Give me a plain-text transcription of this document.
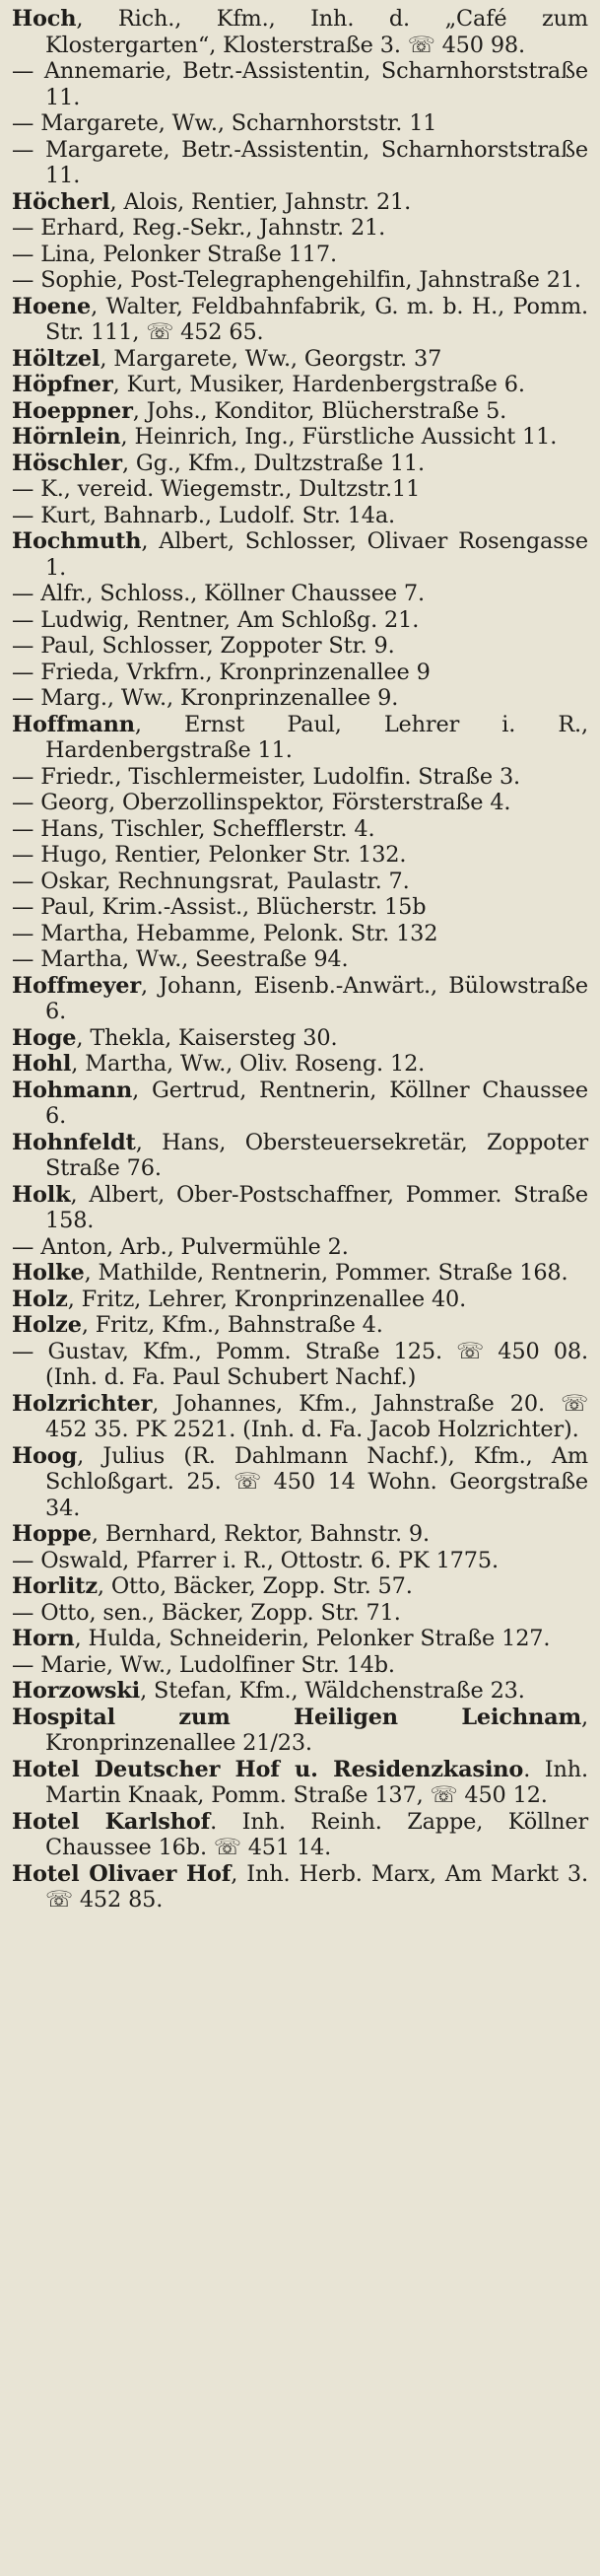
Hoch, Rich., Kfm., Inh. d. „Café zum Klostergarten“, Klosterstraße 3. ☏ 450 98.

— Annemarie, Betr.-Assistentin, Scharnhorststraße 11.

— Margarete, Ww., Scharnhorststr. 11

— Margarete, Betr.-Assistentin, Scharnhorststraße 11.

Höcherl, Alois, Rentier, Jahnstr. 21.

— Erhard, Reg.-Sekr., Jahnstr. 21.

— Lina, Pelonker Straße 117.

— Sophie, Post-Telegraphengehilfin, Jahnstraße 21.

Hoene, Walter, Feldbahnfabrik, G. m. b. H., Pomm. Str. 111, ☏ 452 65.

Höltzel, Margarete, Ww., Georgstr. 37

Höpfner, Kurt, Musiker, Hardenbergstraße 6.

Hoeppner, Johs., Konditor, Blücherstraße 5.

Hörnlein, Heinrich, Ing., Fürstliche Aussicht 11.

Höschler, Gg., Kfm., Dultzstraße 11.

— K., vereid. Wiegemstr., Dultzstr.11

— Kurt, Bahnarb., Ludolf. Str. 14a.

Hochmuth, Albert, Schlosser, Olivaer Rosengasse 1.

— Alfr., Schloss., Köllner Chaussee 7.

— Ludwig, Rentner, Am Schloßg. 21.

— Paul, Schlosser, Zoppoter Str. 9.

— Frieda, Vrkfrn., Kronprinzenallee 9

— Marg., Ww., Kronprinzenallee 9.

Hoffmann, Ernst Paul, Lehrer i. R., Hardenbergstraße 11.

— Friedr., Tischlermeister, Ludolfin. Straße 3.

— Georg, Oberzollinspektor, Försterstraße 4.

— Hans, Tischler, Schefflerstr. 4.

— Hugo, Rentier, Pelonker Str. 132.

— Oskar, Rechnungsrat, Paulastr. 7.

— Paul, Krim.-Assist., Blücherstr. 15b

— Martha, Hebamme, Pelonk. Str. 132

— Martha, Ww., Seestraße 94.

Hoffmeyer, Johann, Eisenb.-Anwärt., Bülowstraße 6.

Hoge, Thekla, Kaisersteg 30.

Hohl, Martha, Ww., Oliv. Roseng. 12.

Hohmann, Gertrud, Rentnerin, Köllner Chaussee 6.

Hohnfeldt, Hans, Obersteuersekretär, Zoppoter Straße 76.

Holk, Albert, Ober-Postschaffner, Pommer. Straße 158.

— Anton, Arb., Pulvermühle 2.

Holke, Mathilde, Rentnerin, Pommer. Straße 168.

Holz, Fritz, Lehrer, Kronprinzenallee 40.

Holze, Fritz, Kfm., Bahnstraße 4.

— Gustav, Kfm., Pomm. Straße 125. ☏ 450 08. (Inh. d. Fa. Paul Schubert Nachf.)

Holzrichter, Johannes, Kfm., Jahnstraße 20. ☏ 452 35. PK 2521. (Inh. d. Fa. Jacob Holzrichter).

Hoog, Julius (R. Dahlmann Nachf.), Kfm., Am Schloßgart. 25. ☏ 450 14 Wohn. Georgstraße 34.

Hoppe, Bernhard, Rektor, Bahnstr. 9.

— Oswald, Pfarrer i. R., Ottostr. 6. PK 1775.

Horlitz, Otto, Bäcker, Zopp. Str. 57.

— Otto, sen., Bäcker, Zopp. Str. 71.

Horn, Hulda, Schneiderin, Pelonker Straße 127.

— Marie, Ww., Ludolfiner Str. 14b.

Horzowski, Stefan, Kfm., Wäldchenstraße 23.

Hospital zum Heiligen Leichnam, Kronprinzenallee 21/23.

Hotel Deutscher Hof u. Residenzkasino. Inh. Martin Knaak, Pomm. Straße 137, ☏ 450 12.

Hotel Karlshof. Inh. Reinh. Zappe, Köllner Chaussee 16b. ☏ 451 14.

Hotel Olivaer Hof, Inh. Herb. Marx, Am Markt 3. ☏ 452 85.
